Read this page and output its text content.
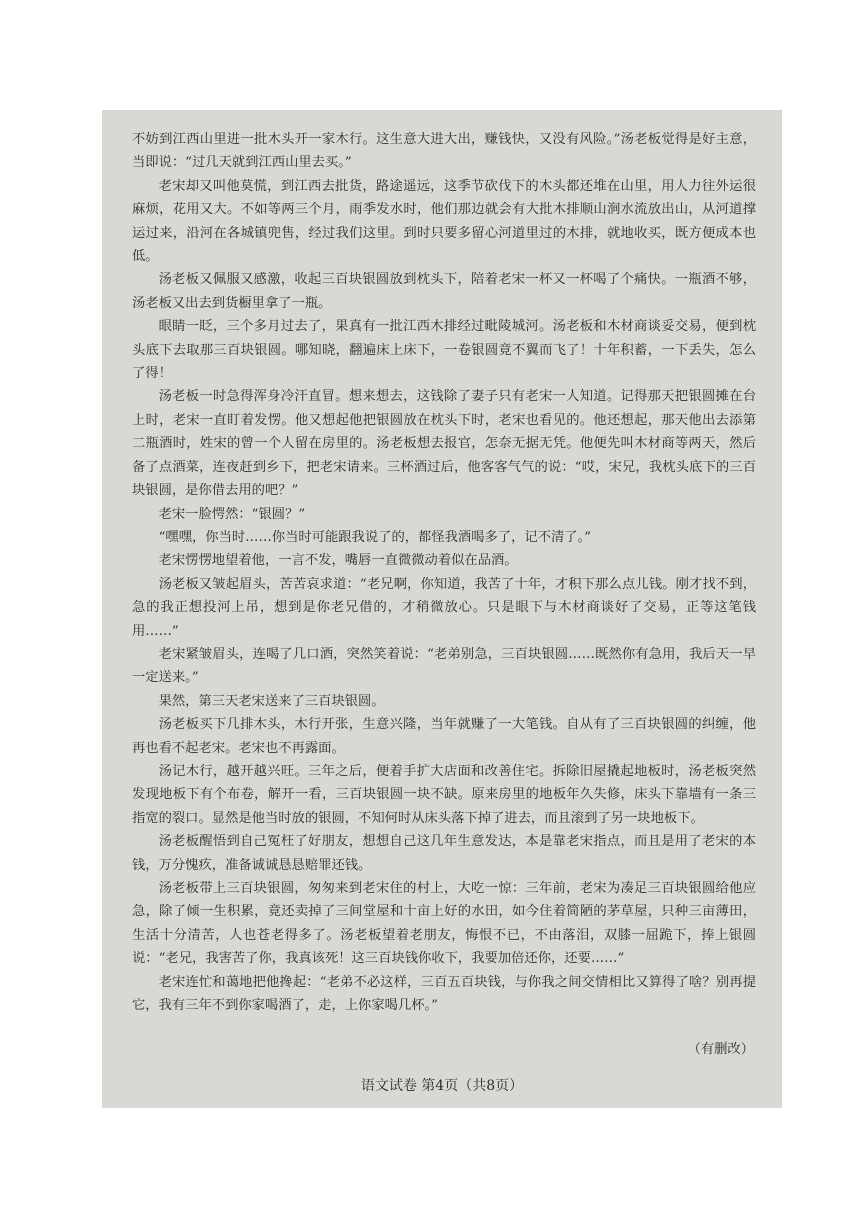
不妨到江西山里进一批木头开一家木行。这生意大进大出，赚钱快，又没有风险。”汤老板觉得是好主意，当即说：“过几天就到江西山里去买。”

老宋却又叫他莫慌，到江西去批货，路途遥远，这季节砍伐下的木头都还堆在山里，用人力往外运很麻烦，花用又大。不如等两三个月，雨季发水时，他们那边就会有大批木排顺山涧水流放出山，从河道撑运过来，沿河在各城镇兜售，经过我们这里。到时只要多留心河道里过的木排，就地收买，既方便成本也低。

汤老板又佩服又感激，收起三百块银圆放到枕头下，陪着老宋一杯又一杯喝了个痛快。一瓶酒不够，汤老板又出去到货橱里拿了一瓶。

眼睛一眨，三个多月过去了，果真有一批江西木排经过毗陵城河。汤老板和木材商谈妥交易，便到枕头底下去取那三百块银圆。哪知晓，翻遍床上床下，一卷银圆竟不翼而飞了！十年积蓄，一下丢失，怎么了得！

汤老板一时急得浑身冷汗直冒。想来想去，这钱除了妻子只有老宋一人知道。记得那天把银圆摊在台上时，老宋一直盯着发愣。他又想起他把银圆放在枕头下时，老宋也看见的。他还想起，那天他出去添第二瓶酒时，姓宋的曾一个人留在房里的。汤老板想去报官，怎奈无据无凭。他便先叫木材商等两天，然后备了点酒菜，连夜赶到乡下，把老宋请来。三杯酒过后，他客客气气的说：“哎，宋兄，我枕头底下的三百块银圆，是你借去用的吧？”

老宋一脸愕然：“银圆？”

“嘿嘿，你当时……你当时可能跟我说了的，都怪我酒喝多了，记不清了。”

老宋愣愣地望着他，一言不发，嘴唇一直微微动着似在品酒。

汤老板又皱起眉头，苦苦哀求道：“老兄啊，你知道，我苦了十年，才积下那么点儿钱。刚才找不到，急的我正想投河上吊，想到是你老兄借的，才稍微放心。只是眼下与木材商谈好了交易，正等这笔钱用……”

老宋紧皱眉头，连喝了几口酒，突然笑着说：“老弟别急，三百块银圆……既然你有急用，我后天一早一定送来。”

果然，第三天老宋送来了三百块银圆。

汤老板买下几排木头，木行开张，生意兴隆，当年就赚了一大笔钱。自从有了三百块银圆的纠缠，他再也看不起老宋。老宋也不再露面。

汤记木行，越开越兴旺。三年之后，便着手扩大店面和改善住宅。拆除旧屋撬起地板时，汤老板突然发现地板下有个布卷，解开一看，三百块银圆一块不缺。原来房里的地板年久失修，床头下靠墙有一条三指宽的裂口。显然是他当时放的银圆，不知何时从床头落下掉了进去，而且滚到了另一块地板下。

汤老板醒悟到自己冤枉了好朋友，想想自己这几年生意发达，本是靠老宋指点，而且是用了老宋的本钱，万分愧疚，准备诚诚恳恳赔罪还钱。

汤老板带上三百块银圆，匆匆来到老宋住的村上，大吃一惊：三年前，老宋为凑足三百块银圆给他应急，除了倾一生积累，竟还卖掉了三间堂屋和十亩上好的水田，如今住着简陋的茅草屋，只种三亩薄田，生活十分清苦，人也苍老得多了。汤老板望着老朋友，悔恨不已，不由落泪，双膝一屈跪下，捧上银圆说：“老兄，我害苦了你，我真该死！这三百块钱你收下，我要加倍还你，还要……”

老宋连忙和蔼地把他搀起：“老弟不必这样，三百五百块钱，与你我之间交情相比又算得了啥？别再提它，我有三年不到你家喝酒了，走，上你家喝几杯。”

（有删改）

语文试卷 第4页（共8页）
